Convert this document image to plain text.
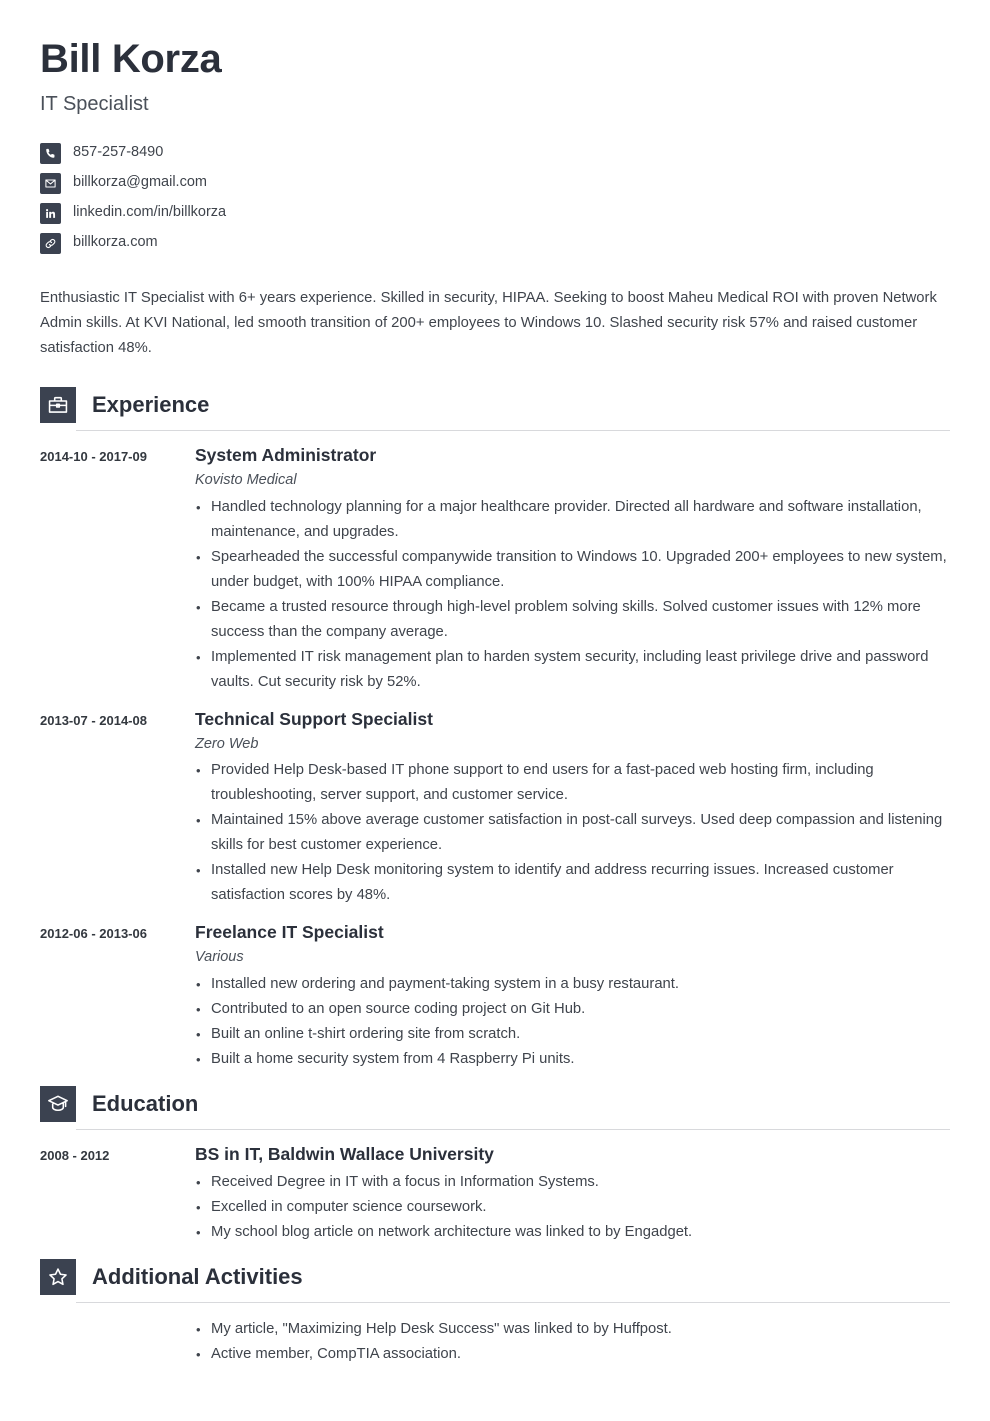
Bill Korza
IT Specialist
857-257-8490
billkorza@gmail.com
linkedin.com/in/billkorza
billkorza.com

Enthusiastic IT Specialist with 6+ years experience. Skilled in security, HIPAA. Seeking to boost Maheu Medical ROI with proven Network Admin skills. At KVI National, led smooth transition of 200+ employees to Windows 10. Slashed security risk 57% and raised customer satisfaction 48%.

Experience
2014-10 - 2017-09	System Administrator
Kovisto Medical
• Handled technology planning for a major healthcare provider. Directed all hardware and software installation, maintenance, and upgrades.
• Spearheaded the successful companywide transition to Windows 10. Upgraded 200+ employees to new system, under budget, with 100% HIPAA compliance.
• Became a trusted resource through high-level problem solving skills. Solved customer issues with 12% more success than the company average.
• Implemented IT risk management plan to harden system security, including least privilege drive and password vaults. Cut security risk by 52%.
2013-07 - 2014-08	Technical Support Specialist
Zero Web
• Provided Help Desk-based IT phone support to end users for a fast-paced web hosting firm, including troubleshooting, server support, and customer service.
• Maintained 15% above average customer satisfaction in post-call surveys. Used deep compassion and listening skills for best customer experience.
• Installed new Help Desk monitoring system to identify and address recurring issues. Increased customer satisfaction scores by 48%.
2012-06 - 2013-06	Freelance IT Specialist
Various
• Installed new ordering and payment-taking system in a busy restaurant.
• Contributed to an open source coding project on Git Hub.
• Built an online t-shirt ordering site from scratch.
• Built a home security system from 4 Raspberry Pi units.
Education
2008 - 2012	BS in IT, Baldwin Wallace University
• Received Degree in IT with a focus in Information Systems.
• Excelled in computer science coursework.
• My school blog article on network architecture was linked to by Engadget.
Additional Activities
• My article, "Maximizing Help Desk Success" was linked to by Huffpost.
• Active member, CompTIA association.
